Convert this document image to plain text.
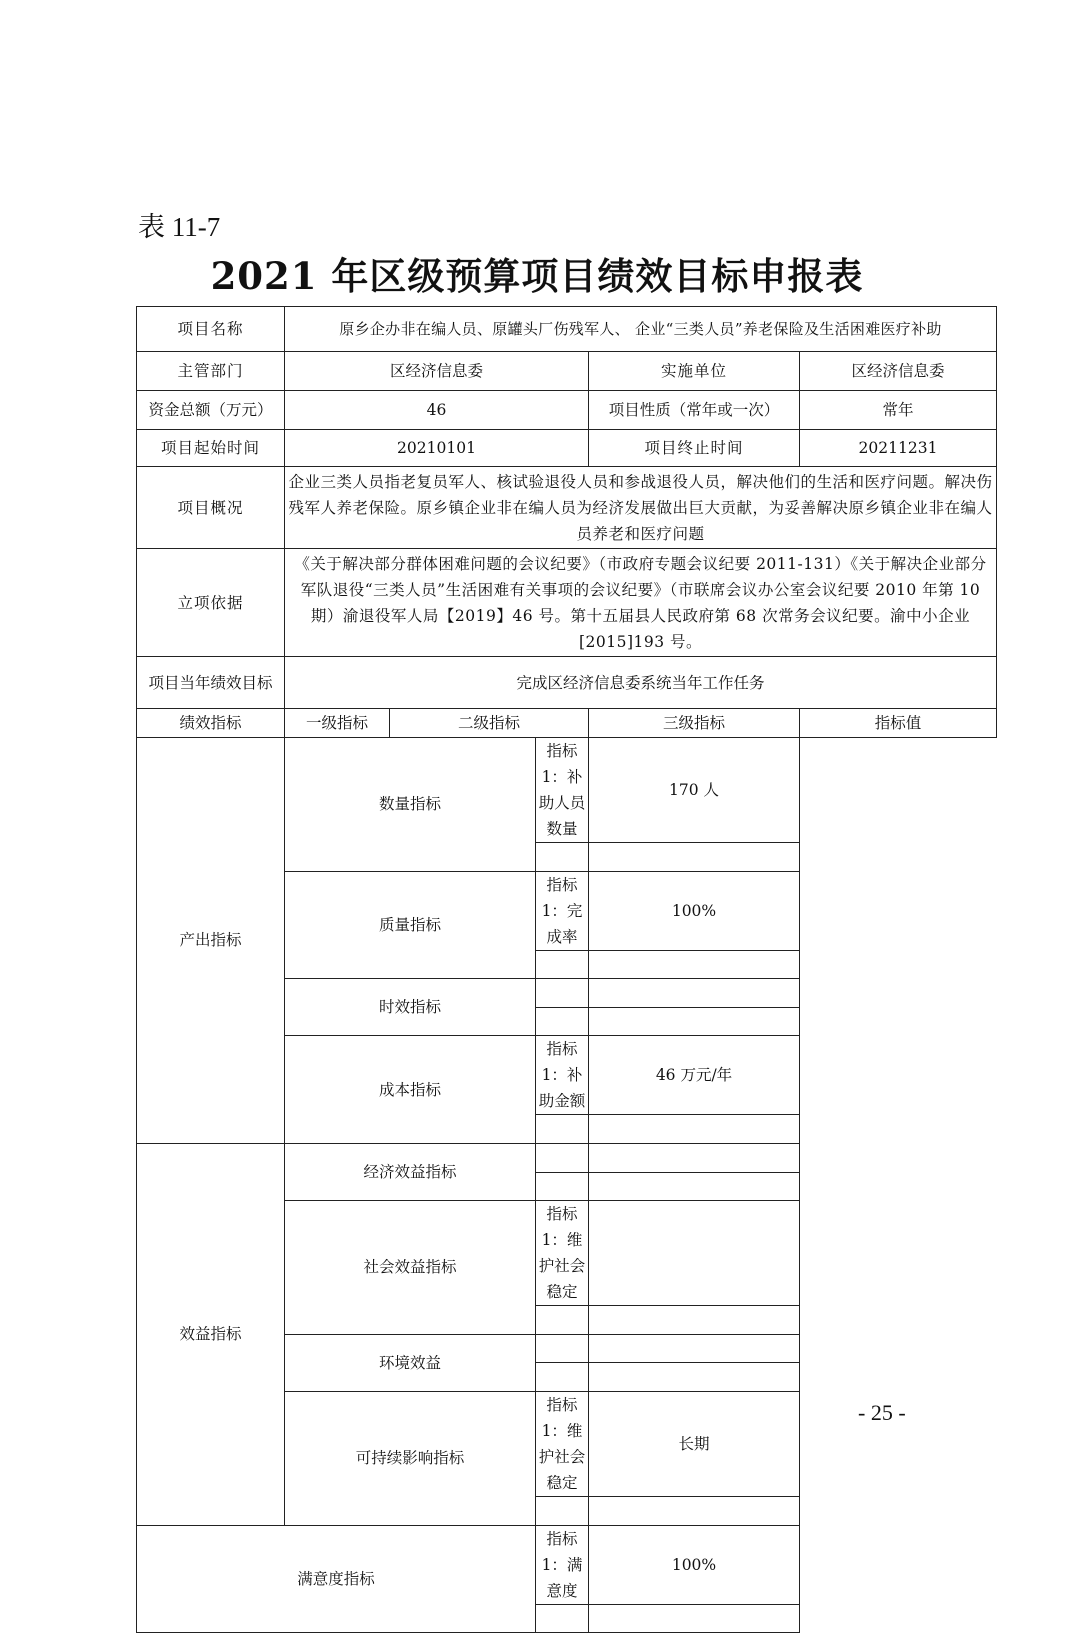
表 11-7
2021 年区级预算项目绩效目标申报表
项目名称	原乡企办非在编人员、原罐头厂伤残军人、 企业“三类人员”养老保险及生活困难医疗补助				
主管部门	区经济信息委			实施单位	区经济信息委
资金总额（万元）	46			项目性质（常年或一次）	常年
项目起始时间	20210101			项目终止时间	20211231
项目概况	企业三类人员指老复员军人、核试验退役人员和参战退役人员，解决他们的生活和医疗问题。解决伤残军人养老保险。原乡镇企业非在编人员为经济发展做出巨大贡献，为妥善解决原乡镇企业非在编人员养老和医疗问题				
立项依据	《关于解决部分群体困难问题的会议纪要》（市政府专题会议纪要 2011-131）《关于解决企业部分军队退役“三类人员”生活困难有关事项的会议纪要》（市联席会议办公室会议纪要 2010 年第 10 期）渝退役军人局【2019】46 号。第十五届县人民政府第 68 次常务会议纪要。渝中小企业[2015]193 号。				
项目当年绩效目标	完成区经济信息委系统当年工作任务				
绩效指标	一级指标	二级指标		三级指标	指标值
产出指标	数量指标		指标 1：补助人员数量	170 人	

	质量指标		指标 1：完成率	100%	

	时效指标				

	成本指标		指标 1：补助金额	46 万元/年	

效益指标	经济效益指标				

	社会效益指标		指标 1：维护社会稳定		

	环境效益				

	可持续影响指标		指标 1：维护社会稳定	长期	

满意度指标			指标 1：满意度	100%	

- 25 -
